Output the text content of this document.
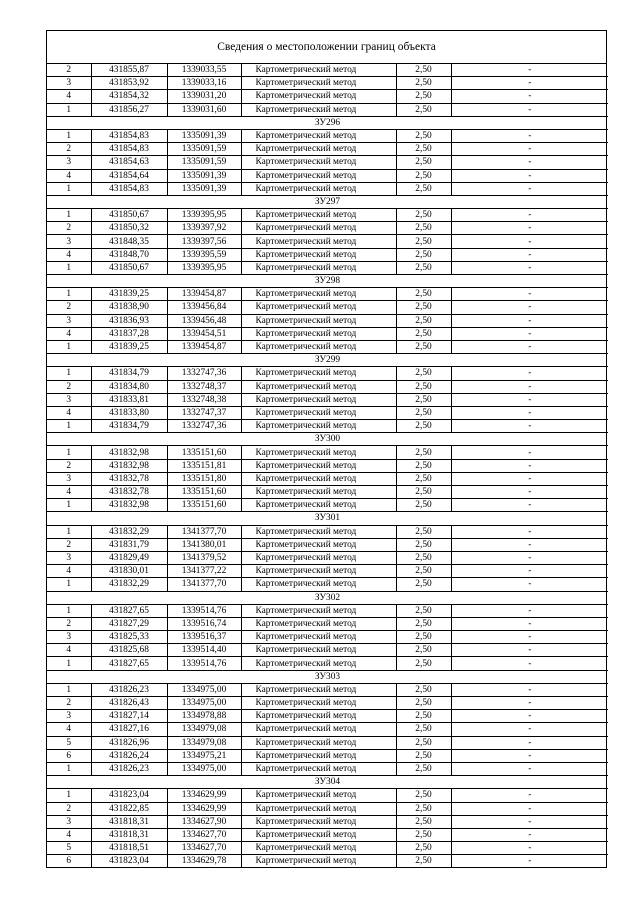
Сведения о местоположении границ объекта
2	431855,87	1339033,55	Картометрический метод	2,50	-
3	431853,92	1339033,16	Картометрический метод	2,50	-
4	431854,32	1339031,20	Картометрический метод	2,50	-
1	431856,27	1339031,60	Картометрический метод	2,50	-
ЗУ296					
1	431854,83	1335091,39	Картометрический метод	2,50	-
2	431854,83	1335091,59	Картометрический метод	2,50	-
3	431854,63	1335091,59	Картометрический метод	2,50	-
4	431854,64	1335091,39	Картометрический метод	2,50	-
1	431854,83	1335091,39	Картометрический метод	2,50	-
ЗУ297					
1	431850,67	1339395,95	Картометрический метод	2,50	-
2	431850,32	1339397,92	Картометрический метод	2,50	-
3	431848,35	1339397,56	Картометрический метод	2,50	-
4	431848,70	1339395,59	Картометрический метод	2,50	-
1	431850,67	1339395,95	Картометрический метод	2,50	-
ЗУ298					
1	431839,25	1339454,87	Картометрический метод	2,50	-
2	431838,90	1339456,84	Картометрический метод	2,50	-
3	431836,93	1339456,48	Картометрический метод	2,50	-
4	431837,28	1339454,51	Картометрический метод	2,50	-
1	431839,25	1339454,87	Картометрический метод	2,50	-
ЗУ299					
1	431834,79	1332747,36	Картометрический метод	2,50	-
2	431834,80	1332748,37	Картометрический метод	2,50	-
3	431833,81	1332748,38	Картометрический метод	2,50	-
4	431833,80	1332747,37	Картометрический метод	2,50	-
1	431834,79	1332747,36	Картометрический метод	2,50	-
ЗУ300					
1	431832,98	1335151,60	Картометрический метод	2,50	-
2	431832,98	1335151,81	Картометрический метод	2,50	-
3	431832,78	1335151,80	Картометрический метод	2,50	-
4	431832,78	1335151,60	Картометрический метод	2,50	-
1	431832,98	1335151,60	Картометрический метод	2,50	-
ЗУ301					
1	431832,29	1341377,70	Картометрический метод	2,50	-
2	431831,79	1341380,01	Картометрический метод	2,50	-
3	431829,49	1341379,52	Картометрический метод	2,50	-
4	431830,01	1341377,22	Картометрический метод	2,50	-
1	431832,29	1341377,70	Картометрический метод	2,50	-
ЗУ302					
1	431827,65	1339514,76	Картометрический метод	2,50	-
2	431827,29	1339516,74	Картометрический метод	2,50	-
3	431825,33	1339516,37	Картометрический метод	2,50	-
4	431825,68	1339514,40	Картометрический метод	2,50	-
1	431827,65	1339514,76	Картометрический метод	2,50	-
ЗУ303					
1	431826,23	1334975,00	Картометрический метод	2,50	-
2	431826,43	1334975,00	Картометрический метод	2,50	-
3	431827,14	1334978,88	Картометрический метод	2,50	-
4	431827,16	1334979,08	Картометрический метод	2,50	-
5	431826,96	1334979,08	Картометрический метод	2,50	-
6	431826,24	1334975,21	Картометрический метод	2,50	-
1	431826,23	1334975,00	Картометрический метод	2,50	-
ЗУ304					
1	431823,04	1334629,99	Картометрический метод	2,50	-
2	431822,85	1334629,99	Картометрический метод	2,50	-
3	431818,31	1334627,90	Картометрический метод	2,50	-
4	431818,31	1334627,70	Картометрический метод	2,50	-
5	431818,51	1334627,70	Картометрический метод	2,50	-
6	431823,04	1334629,78	Картометрический метод	2,50	-
